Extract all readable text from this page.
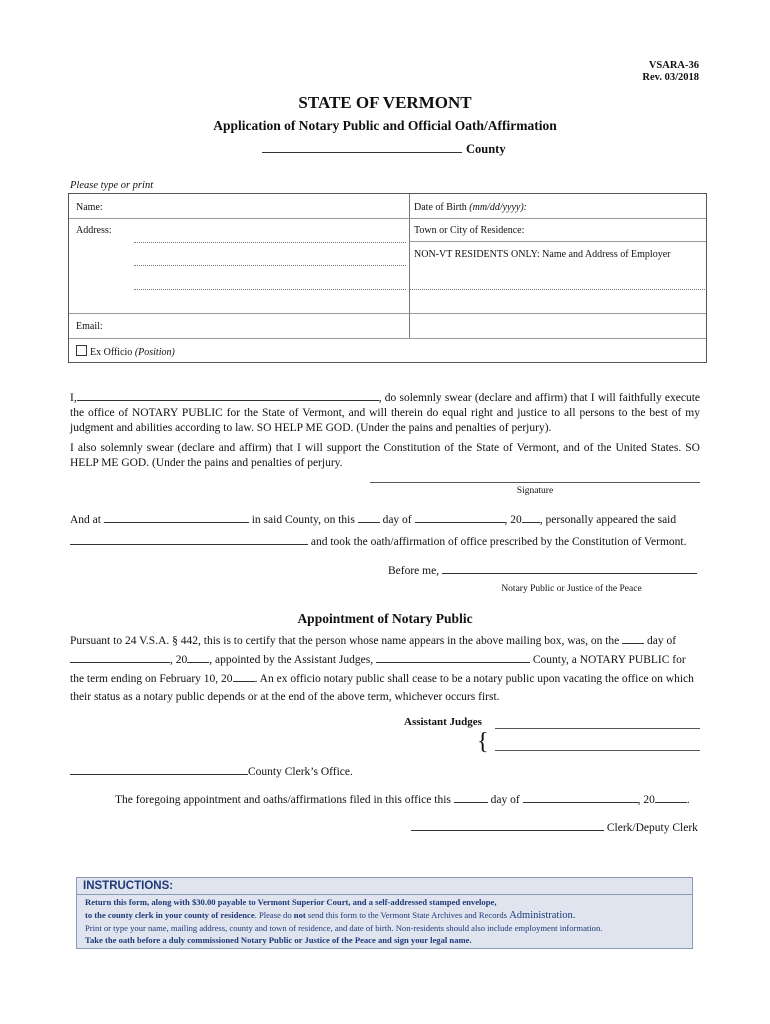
VSARA-36
Rev. 03/2018
STATE OF VERMONT
Application of Notary Public and Official Oath/Affirmation
County
Please type or print
Name:	Date of Birth (mm/dd/yyyy):
Address:	Town or City of Residence:
NON-VT RESIDENTS ONLY: Name and Address of Employer
Email:
Ex Officio (Position)
I,	, do solemnly swear (declare and affirm) that I will faithfully execute the office of NOTARY PUBLIC for the State of Vermont, and will therein do equal right and justice to all persons to the best of my judgment and abilities according to law. SO HELP ME GOD. (Under the pains and penalties of perjury).
I also solemnly swear (declare and affirm) that I will support the Constitution of the State of Vermont, and of the United States. SO HELP ME GOD. (Under the pains and penalties of perjury.
Signature
And at	in said County, on this day of	, 20 , personally appeared the said
and took the oath/affirmation of office prescribed by the Constitution of Vermont.
Before me,
Notary Public or Justice of the Peace
Appointment of Notary Public
Pursuant to 24 V.S.A. § 442, this is to certify that the person whose name appears in the above mailing box, was, on the day of
, 20 , appointed by the Assistant Judges,	County, a NOTARY PUBLIC for
the term ending on February 10, 20 . An ex officio notary public shall cease to be a notary public upon vacating the office on which
their status as a notary public depends or at the end of the above term, whichever occurs first.
Assistant Judges
{
County Clerk’s Office.
The foregoing appointment and oaths/affirmations filed in this office this	day of	, 20	.
Clerk/Deputy Clerk
INSTRUCTIONS:
Return this form, along with $30.00 payable to Vermont Superior Court, and a self-addressed stamped envelope,
to the county clerk in your county of residence. Please do not send this form to the Vermont State Archives and Records Administration.
Print or type your name, mailing address, county and town of residence, and date of birth. Non-residents should also include employment information.
Take the oath before a duly commissioned Notary Public or Justice of the Peace and sign your legal name.
